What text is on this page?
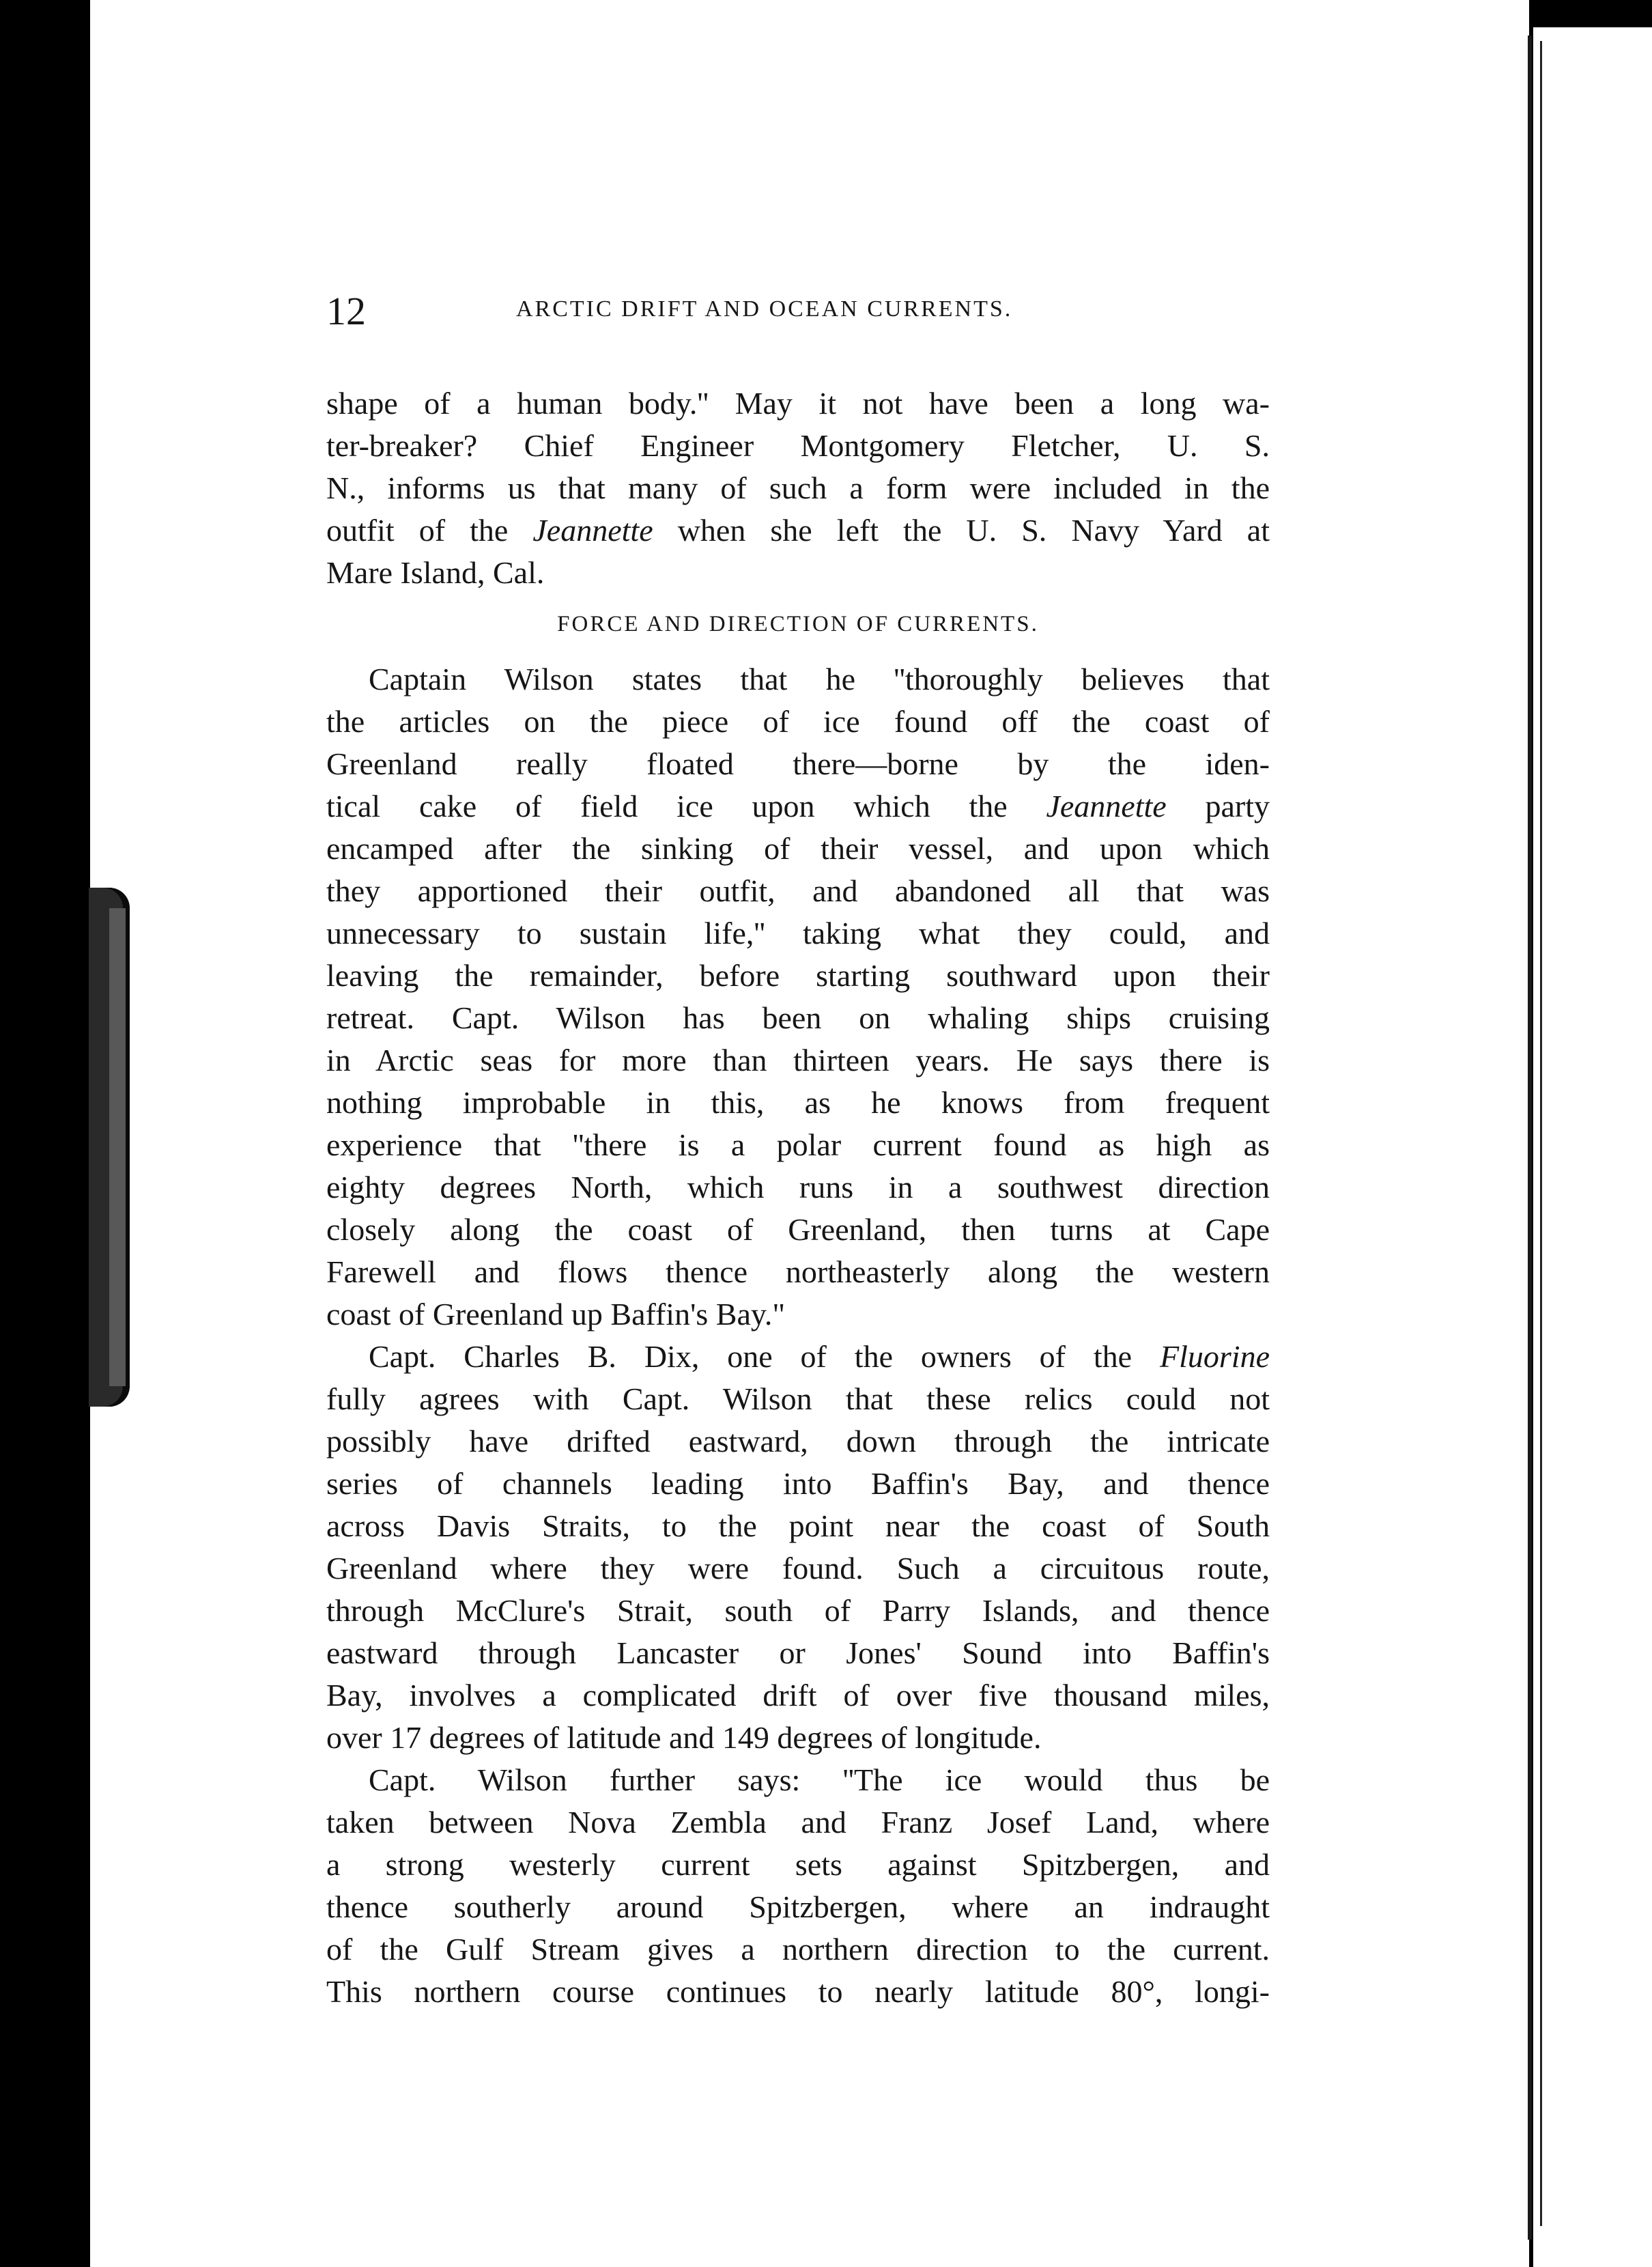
12	ARCTIC DRIFT AND OCEAN CURRENTS.
shape of a human body.'' May it not have been a long wa-
ter-breaker? Chief Engineer Montgomery Fletcher, U. S.
N., informs us that many of such a form were included in the
outfit of the Jeannette when she left the U. S. Navy Yard at
Mare Island, Cal.
FORCE AND DIRECTION OF CURRENTS.
Captain Wilson states that he ''thoroughly believes that
the articles on the piece of ice found off the coast of
Greenland really floated there—borne by the iden-
tical cake of field ice upon which the Jeannette party
encamped after the sinking of their vessel, and upon which
they apportioned their outfit, and abandoned all that was
unnecessary to sustain life,'' taking what they could, and
leaving the remainder, before starting southward upon their
retreat. Capt. Wilson has been on whaling ships cruising
in Arctic seas for more than thirteen years. He says there is
nothing improbable in this, as he knows from frequent
experience that ''there is a polar current found as high as
eighty degrees North, which runs in a southwest direction
closely along the coast of Greenland, then turns at Cape
Farewell and flows thence northeasterly along the western
coast of Greenland up Baffin's Bay."
Capt. Charles B. Dix, one of the owners of the Fluorine
fully agrees with Capt. Wilson that these relics could not
possibly have drifted eastward, down through the intricate
series of channels leading into Baffin's Bay, and thence
across Davis Straits, to the point near the coast of South
Greenland where they were found. Such a circuitous route,
through McClure's Strait, south of Parry Islands, and thence
eastward through Lancaster or Jones' Sound into Baffin's
Bay, involves a complicated drift of over five thousand miles,
over 17 degrees of latitude and 149 degrees of longitude.
Capt. Wilson further says: ''The ice would thus be
taken between Nova Zembla and Franz Josef Land, where
a strong westerly current sets against Spitzbergen, and
thence southerly around Spitzbergen, where an indraught
of the Gulf Stream gives a northern direction to the current.
This northern course continues to nearly latitude 80°, longi-
